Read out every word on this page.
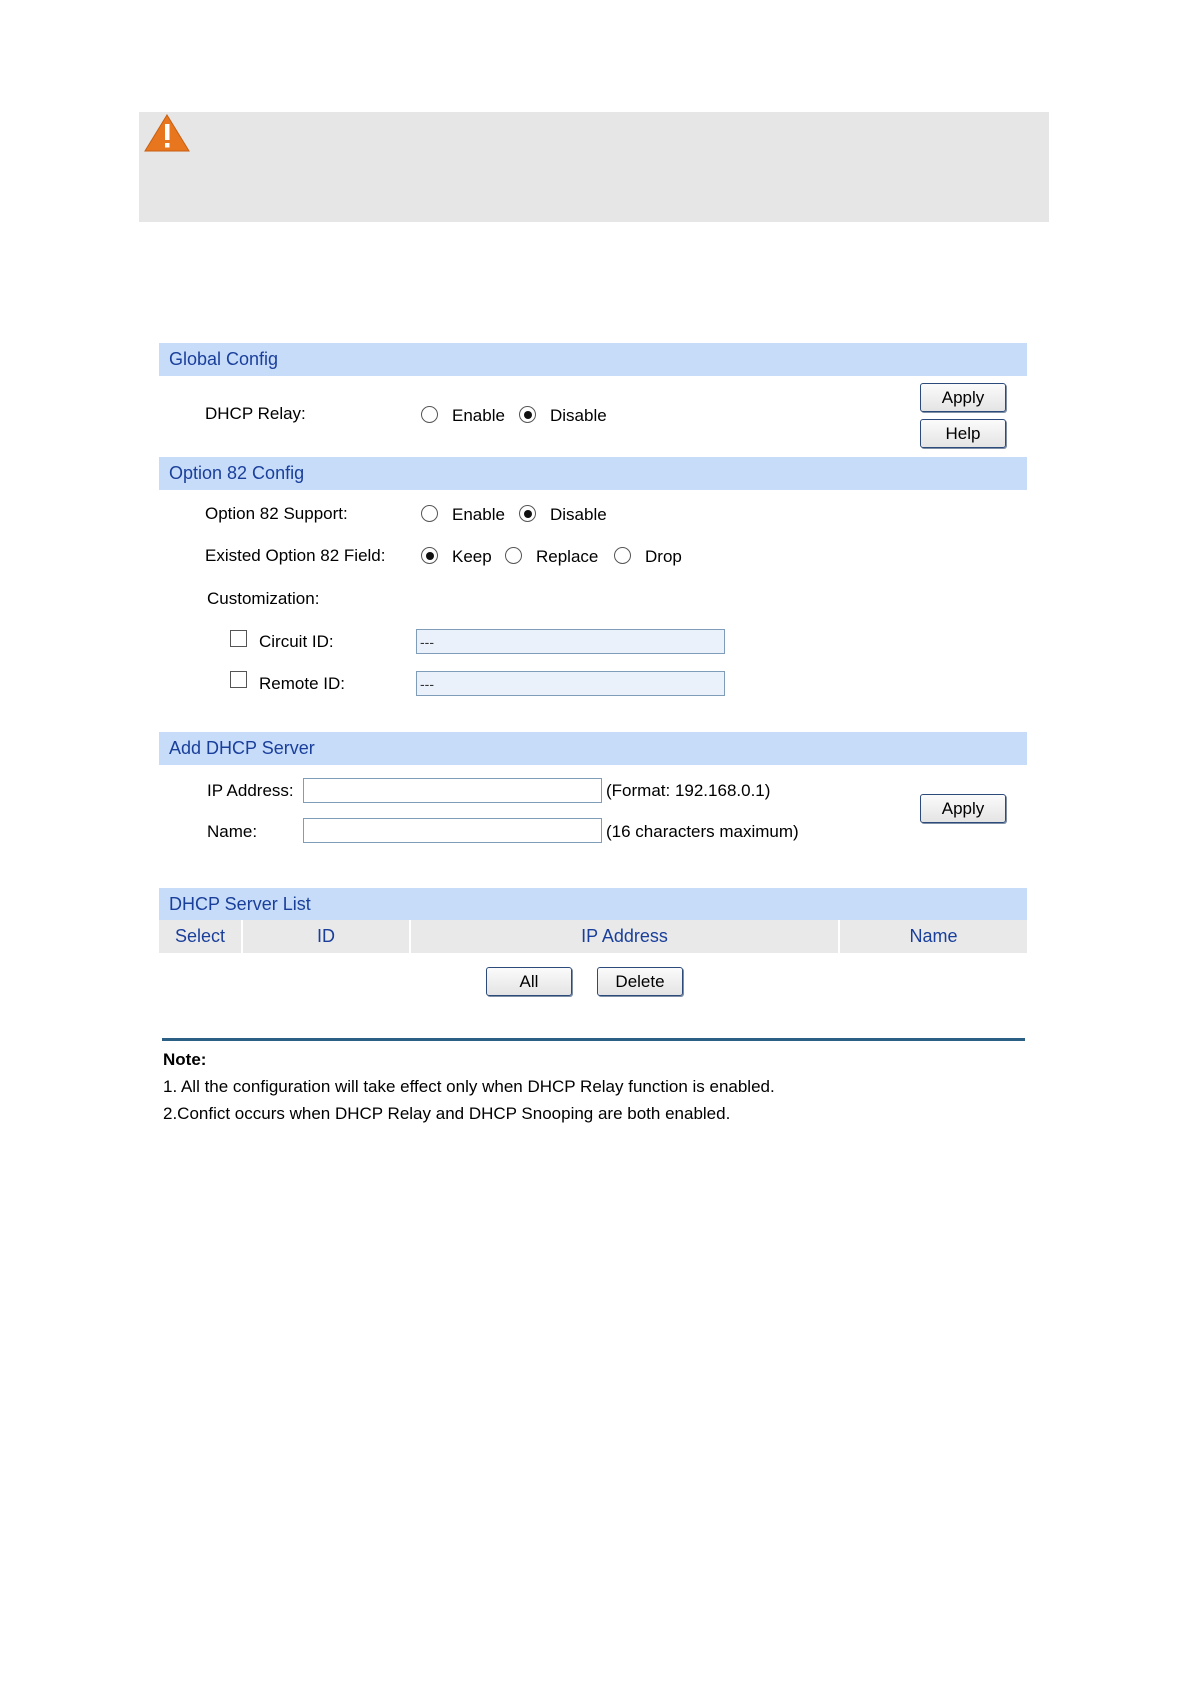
Global Config
DHCP Relay:	Enable	Disable
Apply
Help
Option 82 Config
Option 82 Support:	Enable	Disable
Existed Option 82 Field:	Keep	Replace	Drop
Customization:
Circuit ID:
---
Remote ID:
---
Add DHCP Server
IP Address:	(Format: 192.168.0.1)
Name:	(16 characters maximum)
Apply
DHCP Server List
Select	ID	IP Address	Name
All	Delete
Note:
1. All the configuration will take effect only when DHCP Relay function is enabled.
2.Confict occurs when DHCP Relay and DHCP Snooping are both enabled.
